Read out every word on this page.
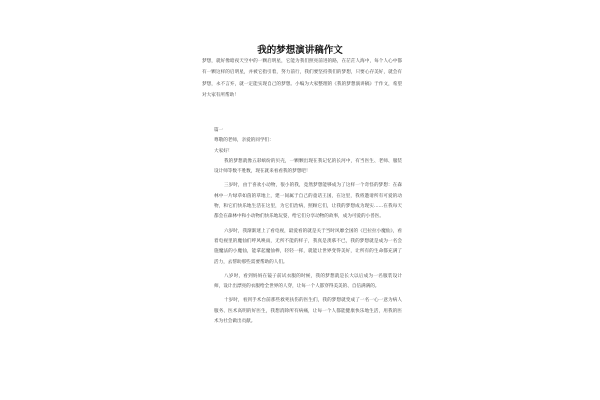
我的梦想演讲稿作文
梦想，就好像暗夜天空中的一颗启明星，它能为我们照亮前进的路，在茫茫人海中，每个人心中都有一颗这样的启明星，并被它指引着，努力前行，我们要坚持我们的梦想，只要心存美好，就会有梦想，永不言弃，就一定能实现自己的梦想。小编为大家整理的《我的梦想演讲稿》于作文，希望对大家有所帮助！

篇一

尊敬的老师，亲爱的同学们：

大家好！

我的梦想就像五彩缤纷的贝壳，一颗颗出现在我记忆的长河中，有当医生、老师、服装设计师等数不胜数，现在就来看看我的梦想吧！

三岁时，由于喜欢小动物，很小的我，竟然梦想能够成为了这样一个奇怪的梦想：在森林中一片绿草如茵的草地上，建一间属于自己的童话王国，在这里，我将邀请所有可爱的动物，和它们快乐地生活在这里，为它们治病，照顾它们，让我的梦想成为现实……在我每天都会在森林中和小动物们快乐地玩耍，给它们分享动物的故事，成为可爱的小兽医。

六岁时，我渐渐迷上了看电视，最爱看的就是关于当时风靡全国的《巴拉拉小魔仙》，看着电视里的魔仙们呼风唤雨，无所不能的样子，我真是羡慕不已，我的梦想就是成为一名会施魔法的小魔仙，能拿起魔仙棒，轻轻一挥，就能让世界变得美好，让所有的生命都充满了活力，去帮助那些需要帮助的人们。

八岁时，看到妈妈在镜子前试衣服的时候，我的梦想就是长大以后成为一名服装设计师，设计出漂亮的衣服给全世界的人穿，让每一个人都穿得美美的、自信满满的。

十岁时，看到手术台前那些救死扶伤的医生们，我的梦想就变成了一名一心一意为病人服务、医术高明的好医生，我想消除所有病痛，让每一个人都能健康快乐地生活，用我的医术为社会做出贡献。
